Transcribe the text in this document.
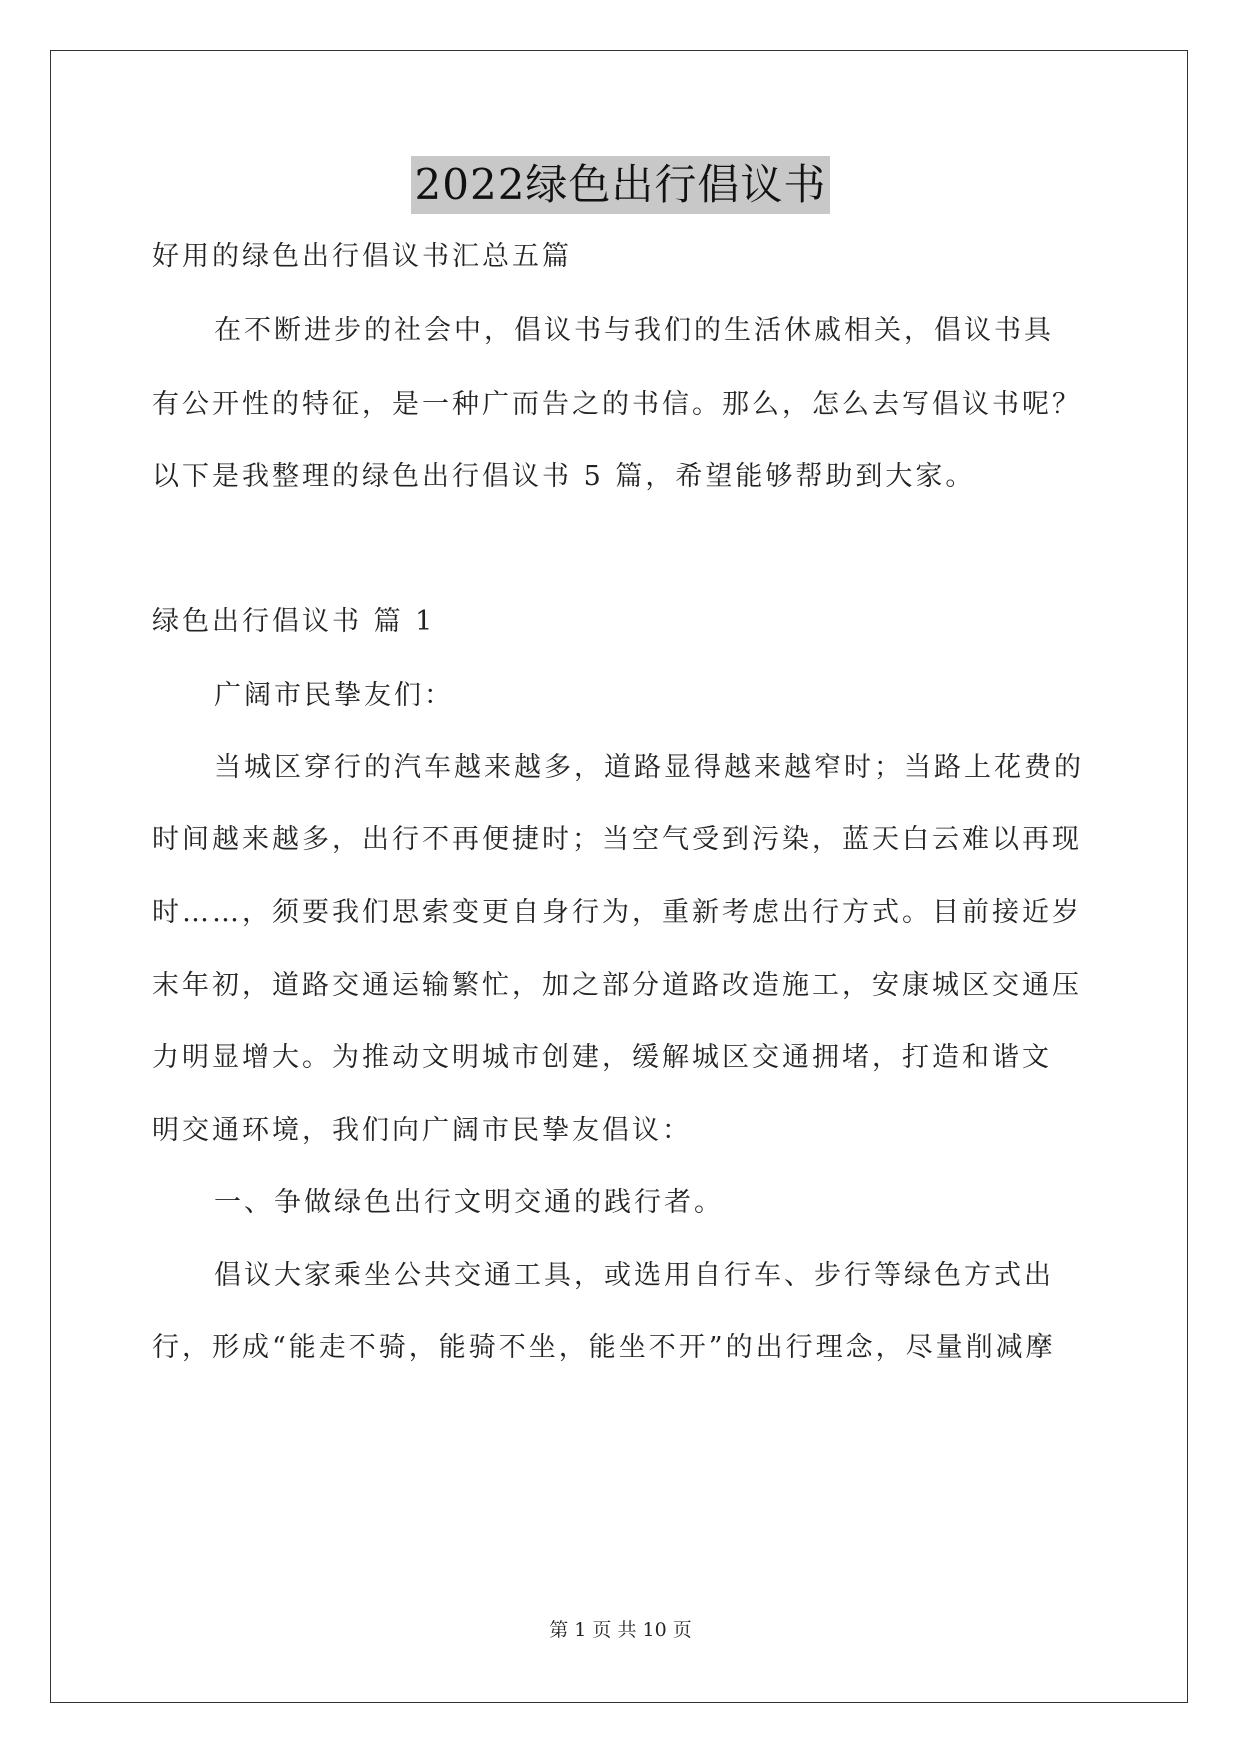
2022绿色出行倡议书
好用的绿色出行倡议书汇总五篇
在不断进步的社会中，倡议书与我们的生活休戚相关，倡议书具
有公开性的特征，是一种广而告之的书信。那么，怎么去写倡议书呢？
以下是我整理的绿色出行倡议书 5 篇，希望能够帮助到大家。
绿色出行倡议书 篇 1
广阔市民挚友们：
当城区穿行的汽车越来越多，道路显得越来越窄时；当路上花费的
时间越来越多，出行不再便捷时；当空气受到污染，蓝天白云难以再现
时……，须要我们思索变更自身行为，重新考虑出行方式。目前接近岁
末年初，道路交通运输繁忙，加之部分道路改造施工，安康城区交通压
力明显增大。为推动文明城市创建，缓解城区交通拥堵，打造和谐文
明交通环境，我们向广阔市民挚友倡议：
一、争做绿色出行文明交通的践行者。
倡议大家乘坐公共交通工具，或选用自行车、步行等绿色方式出
行，形成“能走不骑，能骑不坐，能坐不开”的出行理念，尽量削减摩
第 1 页 共 10 页
